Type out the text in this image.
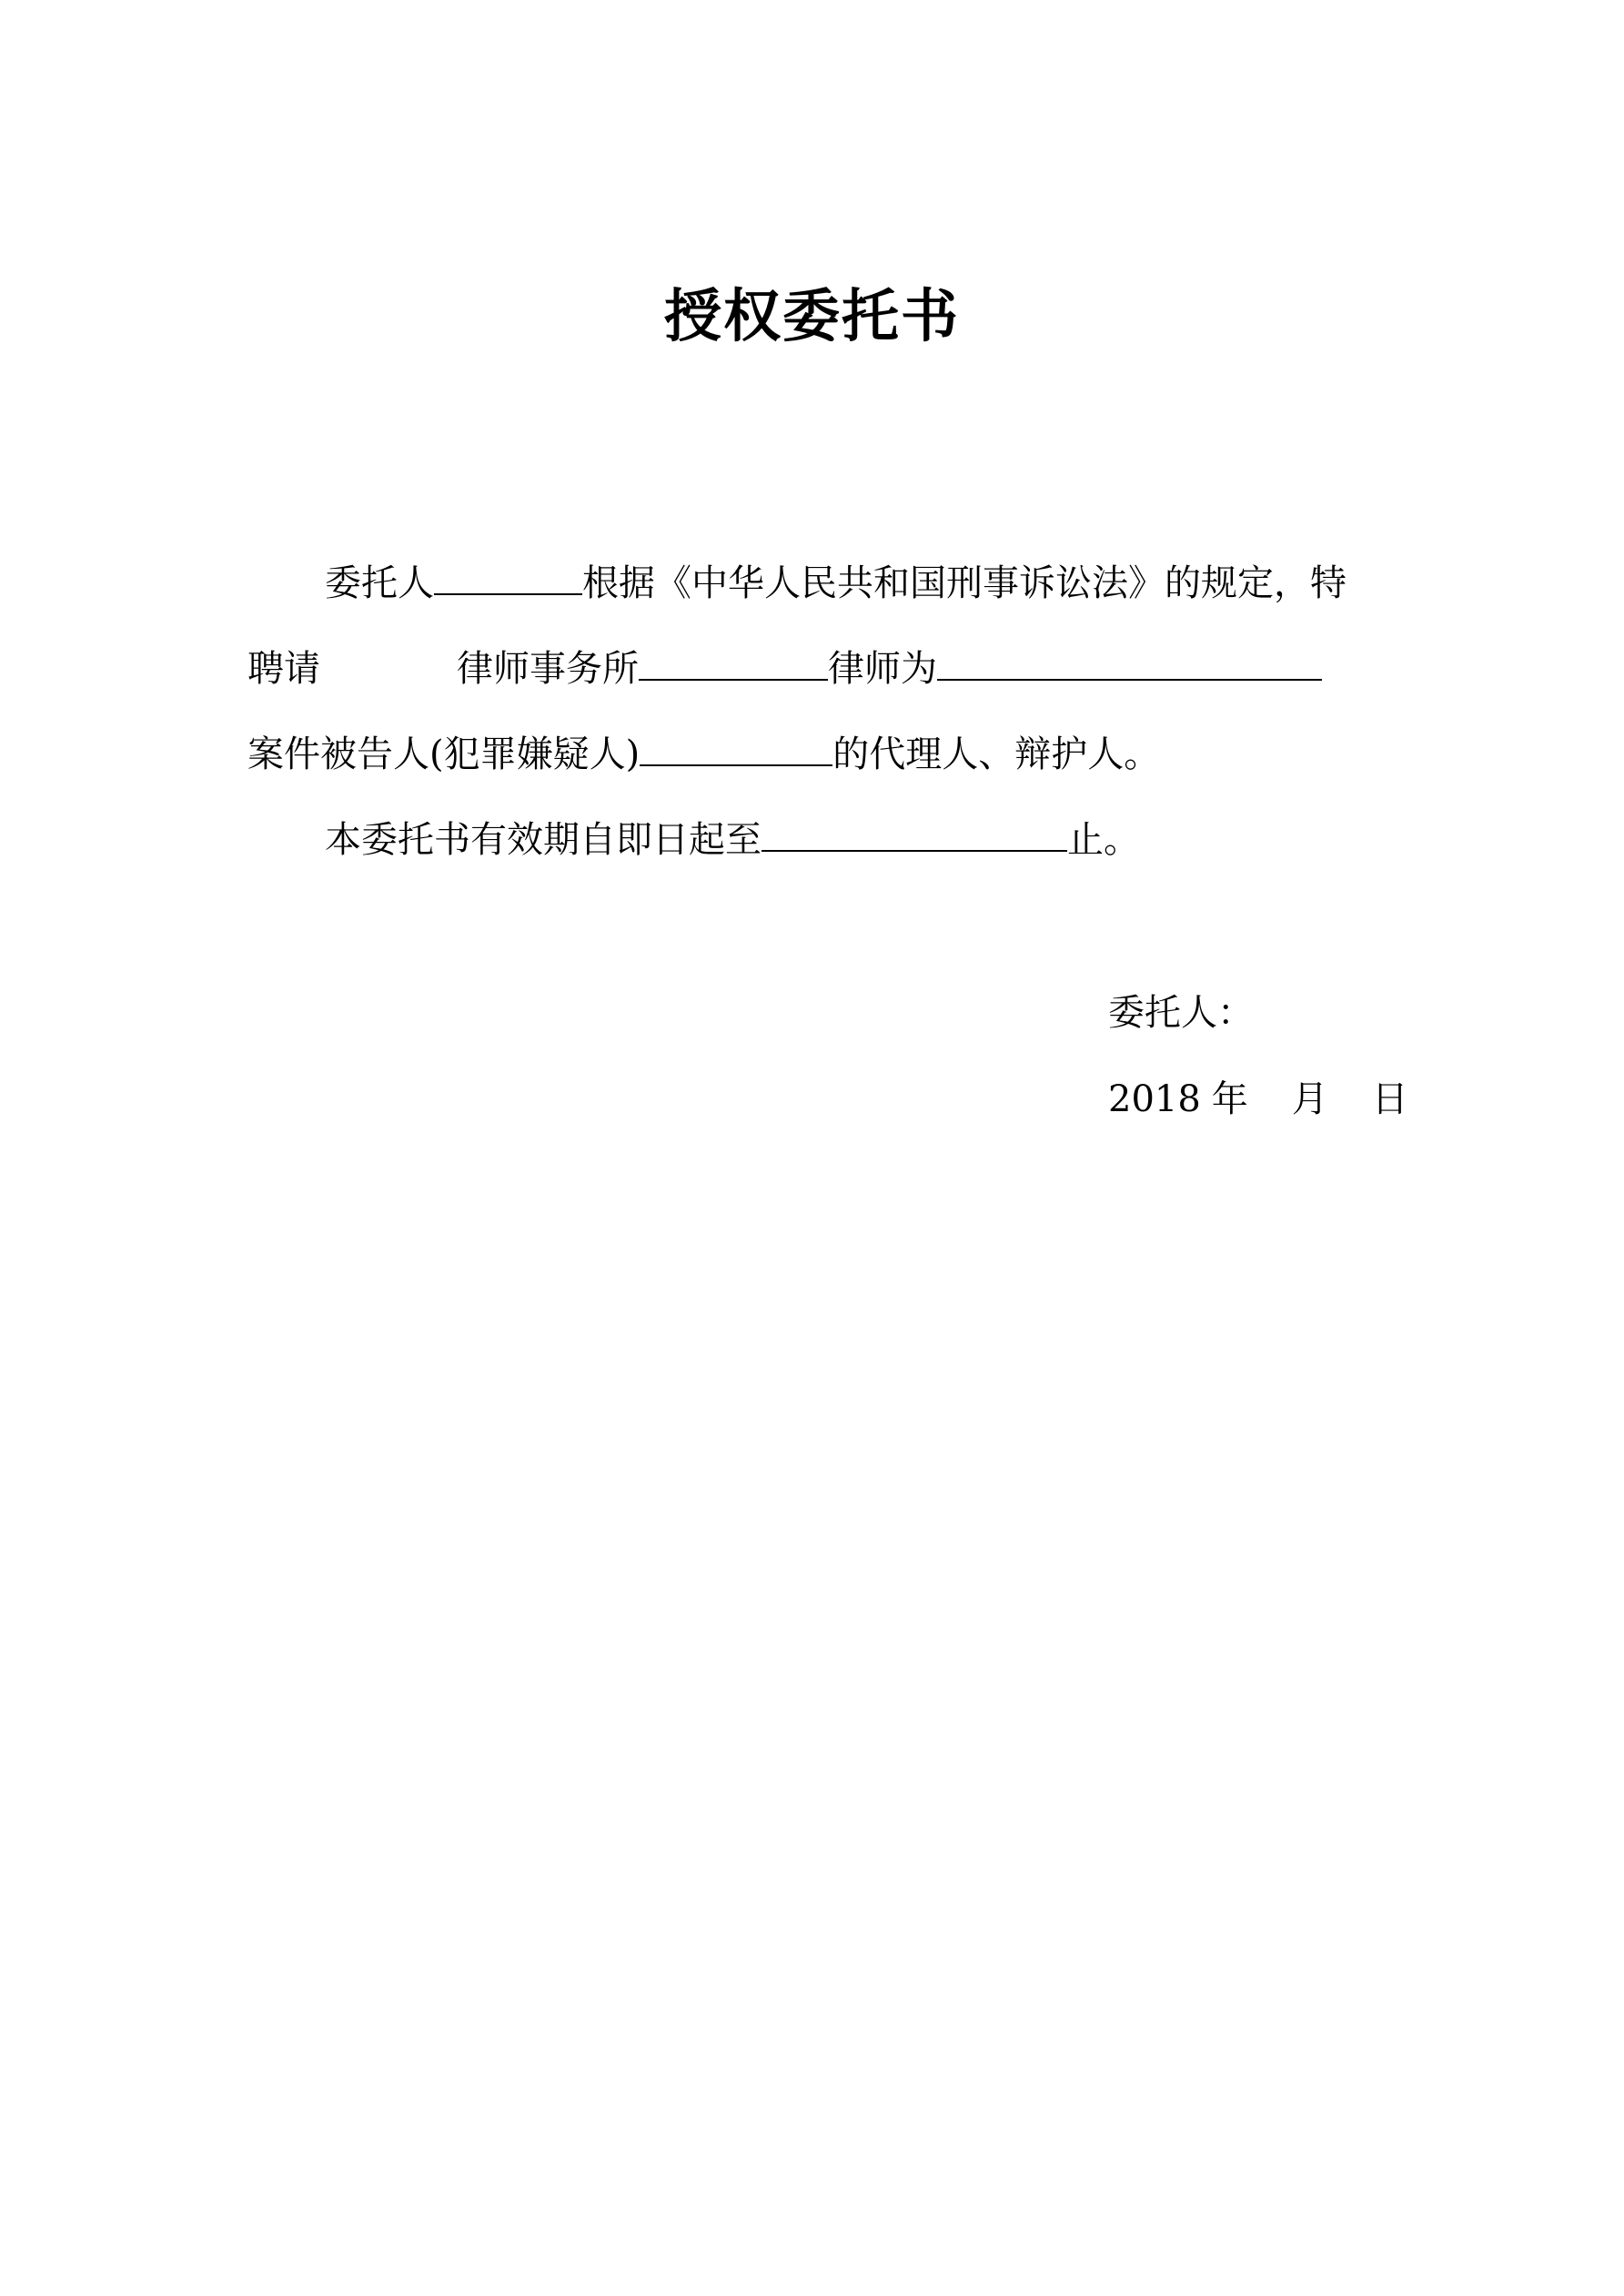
授权委托书
委托人	根据《中华人民共和国刑事诉讼法》的规定，特
聘请	律师事务所	律师为
案件被告人(犯罪嫌疑人)	的代理人、辩护人。
本委托书有效期自即日起至	止。
委托人：
2018 年 月 日
